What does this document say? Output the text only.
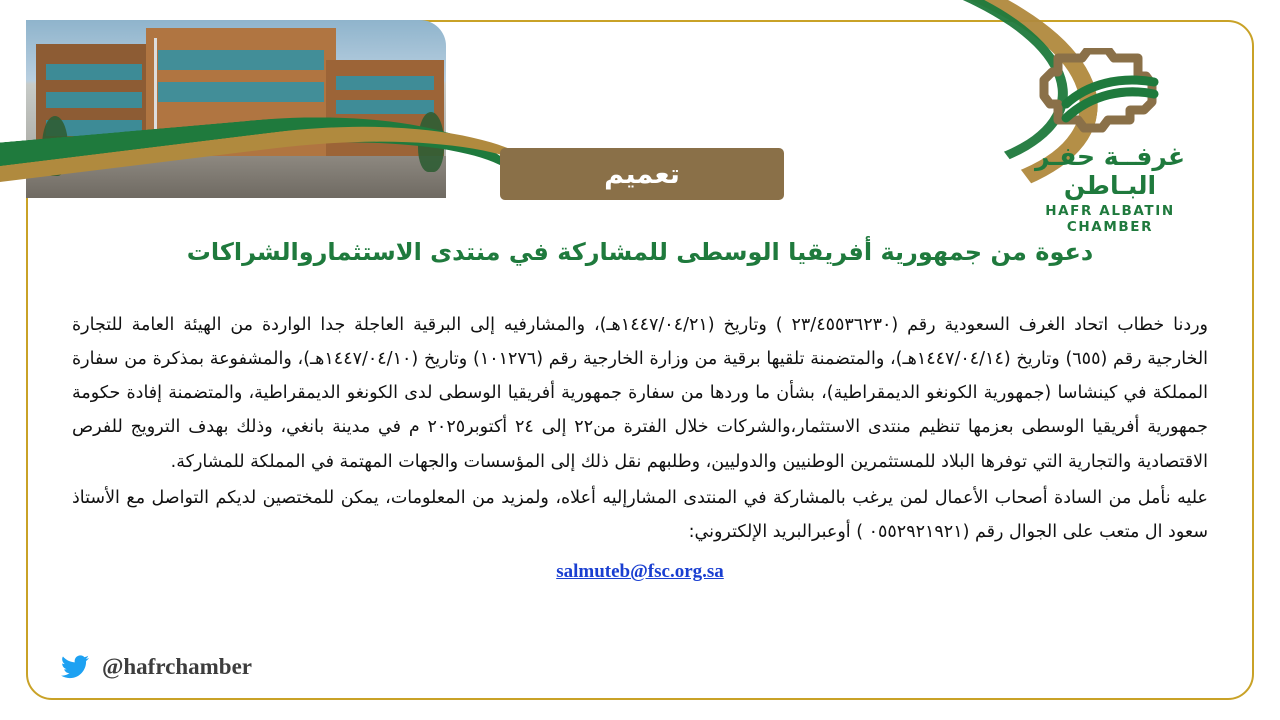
غرفــة حفـر البـاطن
HAFR ALBATIN CHAMBER
تعميم
دعوة من جمهورية أفريقيا الوسطى للمشاركة في منتدى الاستثماروالشراكات

وردنا خطاب اتحاد الغرف السعودية رقم (٢٣/٤٥٥٣٦٢٣٠ ) وتاريخ (١٤٤٧/٠٤/٢١هـ)، والمشارفيه إلى البرقية العاجلة جدا الواردة من الهيئة العامة للتجارة الخارجية رقم (٦٥٥) وتاريخ (١٤٤٧/٠٤/١٤هـ)، والمتضمنة تلقيها برقية من وزارة الخارجية رقم (١٠١٢٧٦) وتاريخ (١٤٤٧/٠٤/١٠هـ)، والمشفوعة بمذكرة من سفارة المملكة في كينشاسا (جمهورية الكونغو الديمقراطية)، بشأن ما وردها من سفارة جمهورية أفريقيا الوسطى لدى الكونغو الديمقراطية، والمتضمنة إفادة حكومة جمهورية أفريقيا الوسطى بعزمها تنظيم منتدى الاستثمار،والشركات خلال الفترة من٢٢ إلى ٢٤ أكتوبر٢٠٢٥ م في مدينة بانغي، وذلك بهدف الترويج للفرص الاقتصادية والتجارية التي توفرها البلاد للمستثمرين الوطنيين والدوليين، وطلبهم نقل ذلك إلى المؤسسات والجهات المهتمة في المملكة للمشاركة.

عليه نأمل من السادة أصحاب الأعمال لمن يرغب بالمشاركة في المنتدى المشارإليه أعلاه، ولمزيد من المعلومات، يمكن للمختصين لديكم التواصل مع الأستاذ سعود ال متعب على الجوال رقم (٠٥٥٢٩٢١٩٢١ ) أوعبرالبريد الإلكتروني:

salmuteb@fsc.org.sa
@hafrchamber
